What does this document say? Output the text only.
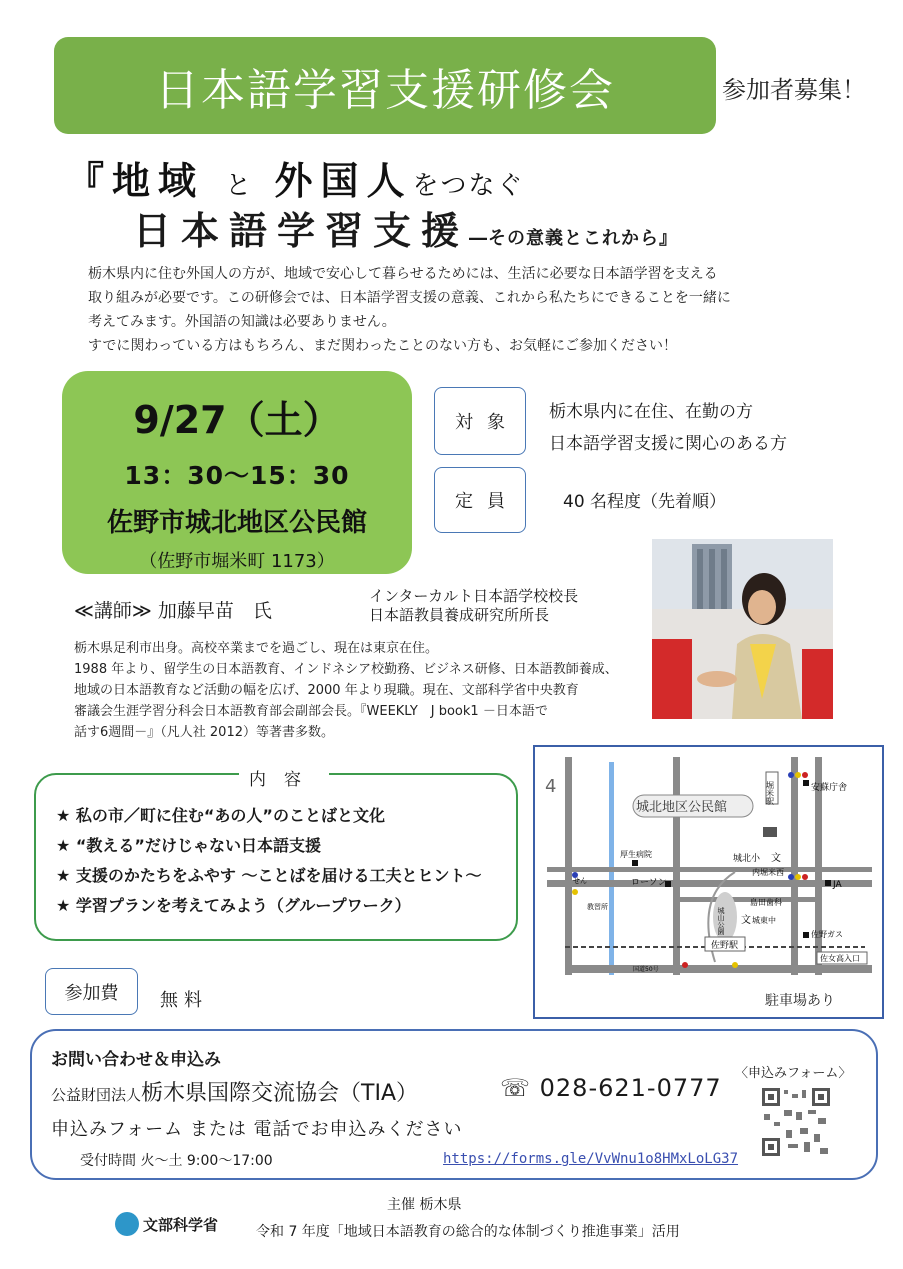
日本語学習支援研修会	参加者募集！
『地域 と 外国人をつなぐ
日本語学習支援―その意義とこれから』
栃木県内に住む外国人の方が、地域で安心して暮らせるためには、生活に必要な日本語学習を支える
取り組みが必要です。この研修会では、日本語学習支援の意義、これから私たちにできることを一緒に
考えてみます。外国語の知識は必要ありません。
すでに関わっている方はもちろん、まだ関わったことのない方も、お気軽にご参加ください！
9/27（土）
13：30〜15：30
佐野市城北地区公民館
（佐野市堀米町 1173）
対象	栃木県内に在住、在勤の方
日本語学習支援に関心のある方
定員	40 名程度（先着順）
≪講師≫ 加藤早苗　氏
インターカルト日本語学校校長
日本語教員養成研究所所長
栃木県足利市出身。高校卒業までを過ごし、現在は東京在住。
1988 年より、留学生の日本語教育、インドネシア校勤務、ビジネス研修、日本語教師養成、
地域の日本語教育など活動の幅を広げ、2000 年より現職。現在、文部科学省中央教育
審議会生涯学習分科会日本語教育部会副部会長。『WEEKLY　J book1 －日本語で
話す6週間－』（凡人社 2012）等著書多数。
内容
★ 私の市／町に住む“あの人”のことばと文化
★ “教える”だけじゃない日本語支援
★ 支援のかたちをふやす ～ことばを届ける工夫とヒント～
★ 学習プランを考えてみよう（グループワーク）
参加費	無料
城北地区公民館
安蘇庁舎
堀米駅
城北小 文
JA
厚生病院
ローソン
内堀米西
島田歯科
城東中
文
佐野ガス
せん
教習所
佐野駅
佐女高入口
城山公園
4
国道50号
駐車場あり
お問い合わせ＆申込み
公益財団法人栃木県国際交流協会（TIA）	☏ 028-621-0777
申込みフォーム または 電話でお申込みください
受付時間 火～土 9:00～17:00	https://forms.gle/VvWnu1o8HMxLoLG37
〈申込みフォーム〉
主催 栃木県
文部科学省	令和 7 年度「地域日本語教育の総合的な体制づくり推進事業」活用
